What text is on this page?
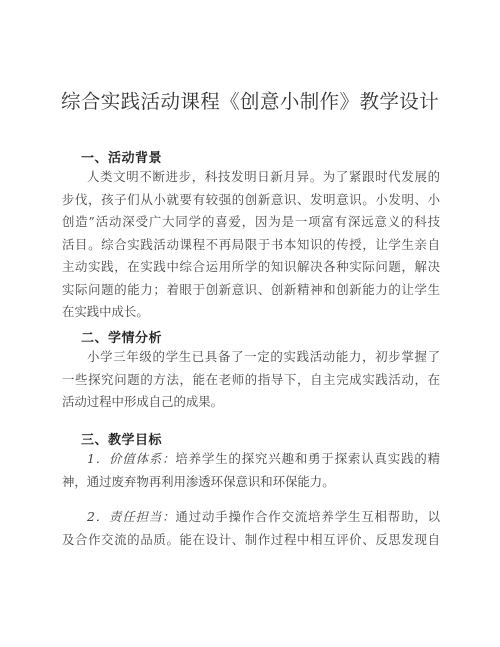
综合实践活动课程《创意小制作》教学设计
一、活动背景

人类文明不断进步，科技发明日新月异。为了紧跟时代发展的
步伐，孩子们从小就要有较强的创新意识、发明意识。小发明、小
创造”活动深受广大同学的喜爱，因为是一项富有深远意义的科技
活目。综合实践活动课程不再局限于书本知识的传授，让学生亲自
主动实践，在实践中综合运用所学的知识解决各种实际问题，解决
实际问题的能力；着眼于创新意识、创新精神和创新能力的让学生
在实践中成长。

二、学情分析

小学三年级的学生已具备了一定的实践活动能力，初步掌握了
一些探究问题的方法，能在老师的指导下，自主完成实践活动，在
活动过程中形成自己的成果。

三、教学目标

1．价值体系：培养学生的探究兴趣和勇于探索认真实践的精
神，通过废弃物再利用渗透环保意识和环保能力。

2．责任担当：通过动手操作合作交流培养学生互相帮助，以
及合作交流的品质。能在设计、制作过程中相互评价、反思发现自
